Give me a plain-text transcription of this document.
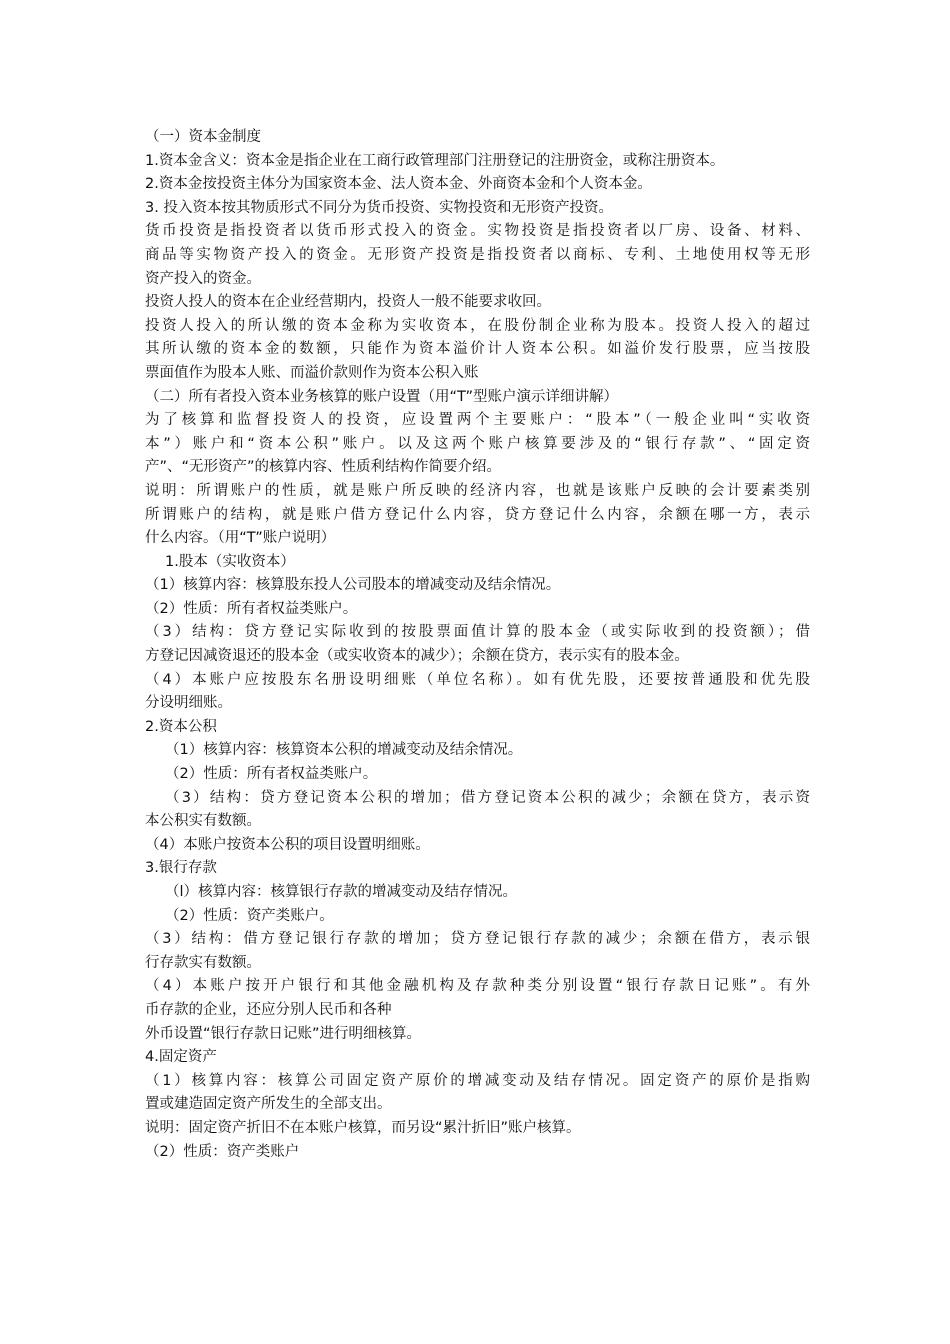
（一）资本金制度
1.资本金含义：资本金是指企业在工商行政管理部门注册登记的注册资金，或称注册资本。
2.资本金按投资主体分为国家资本金、法人资本金、外商资本金和个人资本金。
3. 投入资本按其物质形式不同分为货币投资、实物投资和无形资产投资。
货币投资是指投资者以货币形式投入的资金。实物投资是指投资者以厂房、设备、材料、
商品等实物资产投入的资金。无形资产投资是指投资者以商标、专利、土地使用权等无形
资产投入的资金。
投资人投人的资本在企业经营期内，投资人一般不能要求收回。
投资人投入的所认缴的资本金称为实收资本，在股份制企业称为股本。投资人投入的超过
其所认缴的资本金的数额，只能作为资本溢价计人资本公积。如溢价发行股票，应当按股
票面值作为股本人账、而溢价款则作为资本公积入账
（二）所有者投入资本业务核算的账户设置（用“T”型账户演示详细讲解）
为了核算和监督投资人的投资，应设置两个主要账户：“股本”（一般企业叫“实收资
本”）账户和“资本公积”账户。以及这两个账户核算要涉及的“银行存款”、“固定资
产”、“无形资产”的核算内容、性质利结构作简要介绍。
说明：所谓账户的性质，就是账户所反映的经济内容，也就是该账户反映的会计要素类别
所谓账户的结构，就是账户借方登记什么内容，贷方登记什么内容，余额在哪一方，表示
什么内容。（用“T”账户说明）
1.股本（实收资本）
（1）核算内容：核算股东投人公司股本的增减变动及结余情况。
（2）性质：所有者权益类账户。
（3）结构：贷方登记实际收到的按股票面值计算的股本金（或实际收到的投资额）；借
方登记因减资退还的股本金（或实收资本的减少）；余额在贷方，表示实有的股本金。
（4）本账户应按股东名册设明细账（单位名称）。如有优先股，还要按普通股和优先股
分设明细账。
2.资本公积
（1）核算内容：核算资本公积的增减变动及结余情况。
（2）性质：所有者权益类账户。
（3）结构：贷方登记资本公积的增加；借方登记资本公积的减少；余额在贷方，表示资
本公积实有数额。
（4）本账户按资本公积的项目设置明细账。
3.银行存款
（l）核算内容：核算银行存款的增减变动及结存情况。
（2）性质：资产类账户。
（3）结构：借方登记银行存款的增加；贷方登记银行存款的减少；余额在借方，表示银
行存款实有数额。
（4）本账户按开户银行和其他金融机构及存款种类分别设置“银行存款日记账”。有外
币存款的企业，还应分别人民币和各种
外币设置“银行存款日记账”进行明细核算。
4.固定资产
（1）核算内容：核算公司固定资产原价的增减变动及结存情况。固定资产的原价是指购
置或建造固定资产所发生的全部支出。
说明：固定资产折旧不在本账户核算，而另设“累汁折旧”账户核算。
（2）性质：资产类账户
